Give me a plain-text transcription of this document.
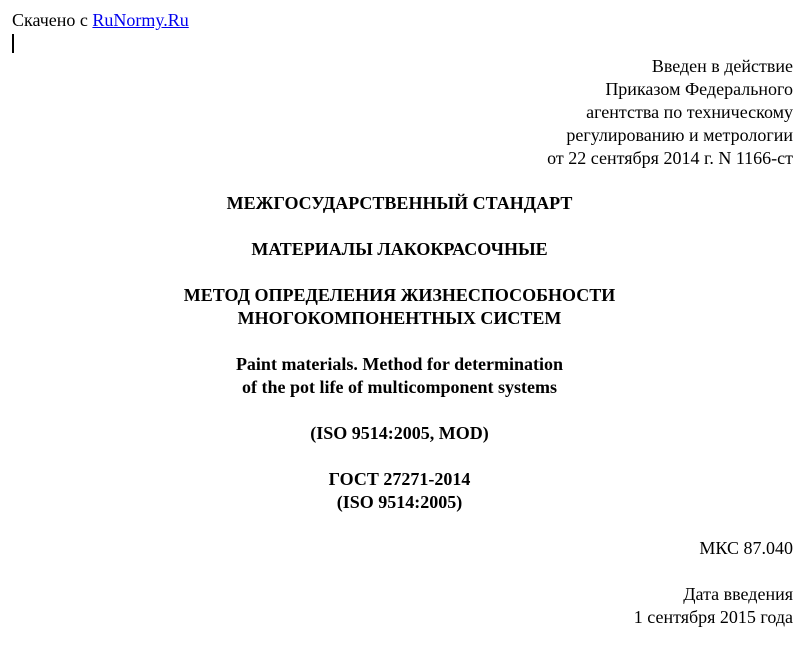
Скачено с RuNormy.Ru
Введен в действие
Приказом Федерального
агентства по техническому
регулированию и метрологии
от 22 сентября 2014 г. N 1166-ст
МЕЖГОСУДАРСТВЕННЫЙ СТАНДАРТ
МАТЕРИАЛЫ ЛАКОКРАСОЧНЫЕ
МЕТОД ОПРЕДЕЛЕНИЯ ЖИЗНЕСПОСОБНОСТИ
МНОГОКОМПОНЕНТНЫХ СИСТЕМ
Paint materials. Method for determination
of the pot life of multicomponent systems
(ISO 9514:2005, MOD)
ГОСТ 27271-2014
(ISO 9514:2005)
МКС 87.040
Дата введения
1 сентября 2015 года
